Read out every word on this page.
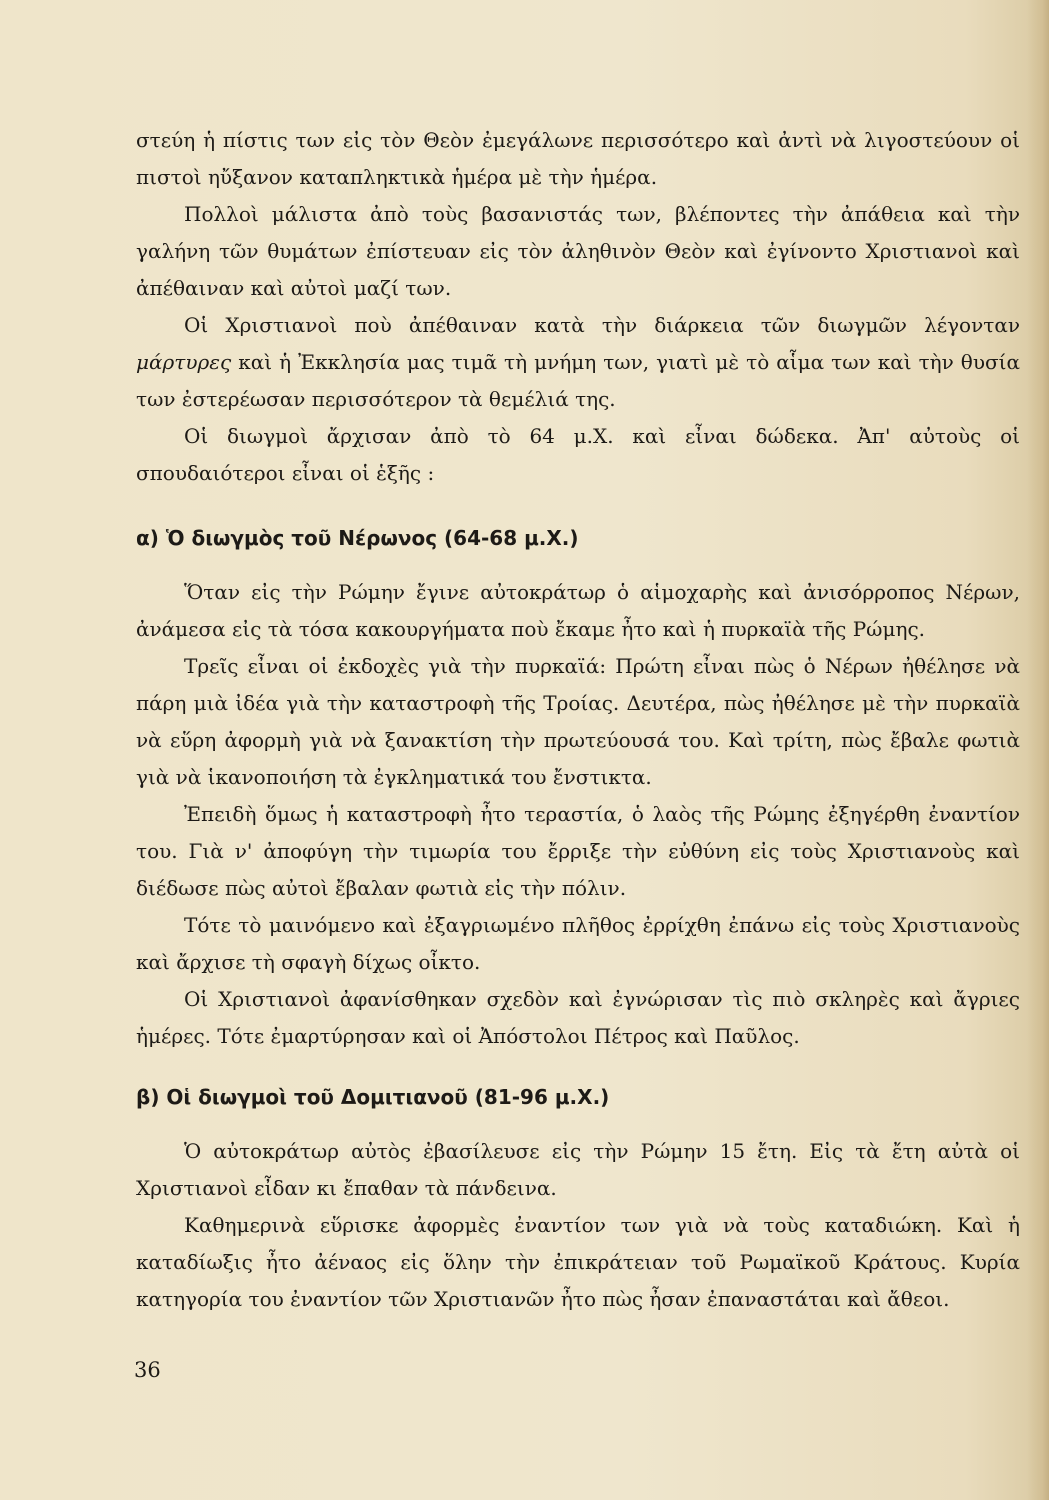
στεύη ἡ πίστις των εἰς τὸν Θεὸν ἐμεγάλωνε περισσότερο καὶ ἀντὶ νὰ λιγοστεύουν οἱ πιστοὶ ηὔξανον καταπληκτικὰ ἡμέρα μὲ τὴν ἡμέρα.

Πολλοὶ μάλιστα ἀπὸ τοὺς βασανιστάς των, βλέποντες τὴν ἀπάθεια καὶ τὴν γαλήνη τῶν θυμάτων ἐπίστευαν εἰς τὸν ἀληθινὸν Θεὸν καὶ ἐγίνοντο Χριστιανοὶ καὶ ἀπέθαιναν καὶ αὐτοὶ μαζί των.

Οἱ Χριστιανοὶ ποὺ ἀπέθαιναν κατὰ τὴν διάρκεια τῶν διωγμῶν λέγονταν μάρτυρες καὶ ἡ Ἐκκλησία μας τιμᾶ τὴ μνήμη των, γιατὶ μὲ τὸ αἷμα των καὶ τὴν θυσία των ἐστερέωσαν περισσότερον τὰ θεμέλιά της.

Οἱ διωγμοὶ ἄρχισαν ἀπὸ τὸ 64 μ.Χ. καὶ εἶναι δώδεκα. Ἀπ' αὐτοὺς οἱ σπουδαιότεροι εἶναι οἱ ἑξῆς :

α) Ὁ διωγμὸς τοῦ Νέρωνος (64-68 μ.Χ.)

Ὅταν εἰς τὴν Ρώμην ἔγινε αὐτοκράτωρ ὁ αἱμοχαρὴς καὶ ἀνισόρροπος Νέρων, ἀνάμεσα εἰς τὰ τόσα κακουργήματα ποὺ ἔκαμε ἦτο καὶ ἡ πυρκαϊὰ τῆς Ρώμης.

Τρεῖς εἶναι οἱ ἐκδοχὲς γιὰ τὴν πυρκαϊά: Πρώτη εἶναι πὼς ὁ Νέρων ἠθέλησε νὰ πάρη μιὰ ἰδέα γιὰ τὴν καταστροφὴ τῆς Τροίας. Δευτέρα, πὼς ἠθέλησε μὲ τὴν πυρκαϊὰ νὰ εὕρη ἀφορμὴ γιὰ νὰ ξανακτίση τὴν πρωτεύουσά του. Καὶ τρίτη, πὼς ἔβαλε φωτιὰ γιὰ νὰ ἱκανοποιήση τὰ ἐγκληματικά του ἔνστικτα.

Ἐπειδὴ ὅμως ἡ καταστροφὴ ἦτο τεραστία, ὁ λαὸς τῆς Ρώμης ἐξηγέρθη ἐναντίον του. Γιὰ ν' ἀποφύγη τὴν τιμωρία του ἔρριξε τὴν εὐθύνη εἰς τοὺς Χριστιανοὺς καὶ διέδωσε πὼς αὐτοὶ ἔβαλαν φωτιὰ εἰς τὴν πόλιν.

Τότε τὸ μαινόμενο καὶ ἐξαγριωμένο πλῆθος ἐρρίχθη ἐπάνω εἰς τοὺς Χριστιανοὺς καὶ ἄρχισε τὴ σφαγὴ δίχως οἶκτο.

Οἱ Χριστιανοὶ ἀφανίσθηκαν σχεδὸν καὶ ἐγνώρισαν τὶς πιὸ σκληρὲς καὶ ἄγριες ἡμέρες. Τότε ἐμαρτύρησαν καὶ οἱ Ἀπόστολοι Πέτρος καὶ Παῦλος.

β) Οἱ διωγμοὶ τοῦ Δομιτιανοῦ (81-96 μ.Χ.)

Ὁ αὐτοκράτωρ αὐτὸς ἐβασίλευσε εἰς τὴν Ρώμην 15 ἔτη. Εἰς τὰ ἔτη αὐτὰ οἱ Χριστιανοὶ εἶδαν κι ἔπαθαν τὰ πάνδεινα.

Καθημερινὰ εὕρισκε ἀφορμὲς ἐναντίον των γιὰ νὰ τοὺς καταδιώκη. Καὶ ἡ καταδίωξις ἦτο ἀέναος εἰς ὅλην τὴν ἐπικράτειαν τοῦ Ρωμαϊκοῦ Κράτους. Κυρία κατηγορία του ἐναντίον τῶν Χριστιανῶν ἦτο πὼς ἦσαν ἐπαναστάται καὶ ἄθεοι.

36
